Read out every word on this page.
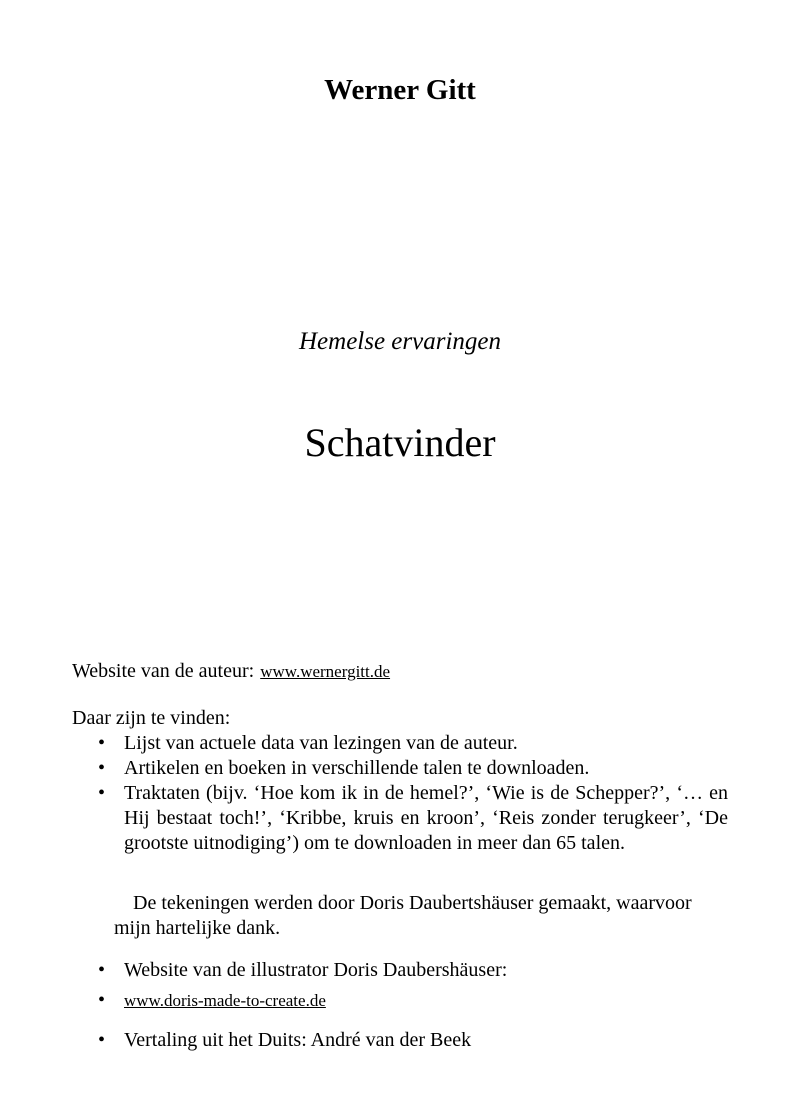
Werner Gitt
Hemelse ervaringen
Schatvinder

Website van de auteur: www.wernergitt.de

Daar zijn te vinden:

• Lijst van actuele data van lezingen van de auteur.
• Artikelen en boeken in verschillende talen te downloaden.
• Traktaten (bijv. ‘Hoe kom ik in de hemel?’, ‘Wie is de Schepper?’, ‘… en Hij bestaat toch!’, ‘Kribbe, kruis en kroon’, ‘Reis zonder terugkeer’, ‘De grootste uitnodiging’) om te downloaden in meer dan 65 talen.

De tekeningen werden door Doris Daubertshäuser gemaakt, waarvoor mijn hartelijke dank.

• Website van de illustrator Doris Daubershäuser:
•	www.doris-made-to-create.de
• Vertaling uit het Duits: André van der Beek
